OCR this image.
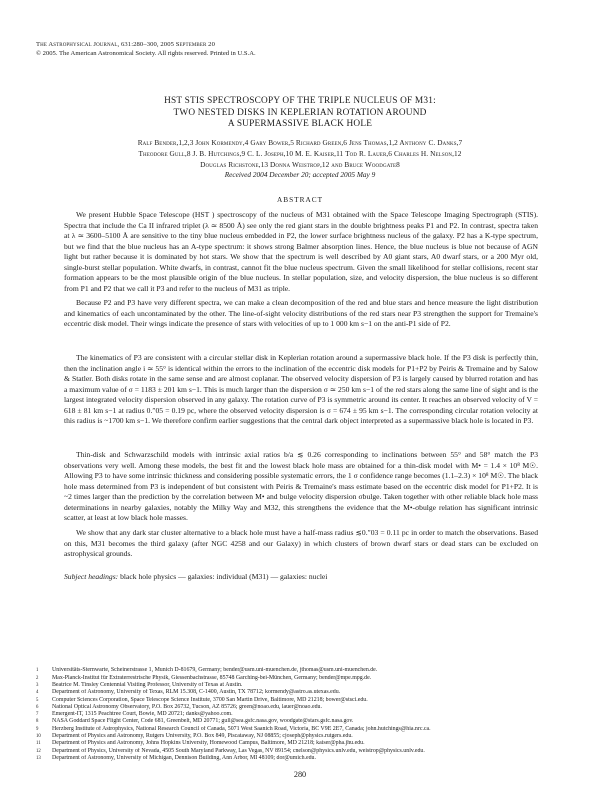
The Astrophysical Journal, 631:280–300, 2005 September 20
© 2005. The American Astronomical Society. All rights reserved. Printed in U.S.A.
HST STIS SPECTROSCOPY OF THE TRIPLE NUCLEUS OF M31:
TWO NESTED DISKS IN KEPLERIAN ROTATION AROUND
A SUPERMASSIVE BLACK HOLE
Ralf Bender,1,2,3 John Kormendy,4 Gary Bower,5 Richard Green,6 Jens Thomas,1,2 Anthony C. Danks,7
Theodore Gull,8 J. B. Hutchings,9 C. L. Joseph,10 M. E. Kaiser,11 Tod R. Lauer,6 Charles H. Nelson,12
Douglas Richstone,13 Donna Weistrop,12 and Bruce Woodgate8
Received 2004 December 20; accepted 2005 May 9
ABSTRACT

We present Hubble Space Telescope (HST ) spectroscopy of the nucleus of M31 obtained with the Space Telescope Imaging Spectrograph (STIS). Spectra that include the Ca II infrared triplet (λ ≃ 8500 Å) see only the red giant stars in the double brightness peaks P1 and P2. In contrast, spectra taken at λ ≃ 3600–5100 Å are sensitive to the tiny blue nucleus embedded in P2, the lower surface brightness nucleus of the galaxy. P2 has a K-type spectrum, but we find that the blue nucleus has an A-type spectrum: it shows strong Balmer absorption lines. Hence, the blue nucleus is blue not because of AGN light but rather because it is dominated by hot stars. We show that the spectrum is well described by A0 giant stars, A0 dwarf stars, or a 200 Myr old, single-burst stellar population. White dwarfs, in contrast, cannot fit the blue nucleus spectrum. Given the small likelihood for stellar collisions, recent star formation appears to be the most plausible origin of the blue nucleus. In stellar population, size, and velocity dispersion, the blue nucleus is so different from P1 and P2 that we call it P3 and refer to the nucleus of M31 as triple.

Because P2 and P3 have very different spectra, we can make a clean decomposition of the red and blue stars and hence measure the light distribution and kinematics of each uncontaminated by the other. The line-of-sight velocity distributions of the red stars near P3 strengthen the support for Tremaine's eccentric disk model. Their wings indicate the presence of stars with velocities of up to 1 000 km s−1 on the anti-P1 side of P2.

The kinematics of P3 are consistent with a circular stellar disk in Keplerian rotation around a supermassive black hole. If the P3 disk is perfectly thin, then the inclination angle i ≃ 55° is identical within the errors to the inclination of the eccentric disk models for P1+P2 by Peiris & Tremaine and by Salow & Statler. Both disks rotate in the same sense and are almost coplanar. The observed velocity dispersion of P3 is largely caused by blurred rotation and has a maximum value of σ = 1183 ± 201 km s−1. This is much larger than the dispersion σ ≃ 250 km s−1 of the red stars along the same line of sight and is the largest integrated velocity dispersion observed in any galaxy. The rotation curve of P3 is symmetric around its center. It reaches an observed velocity of V = 618 ± 81 km s−1 at radius 0.″05 = 0.19 pc, where the observed velocity dispersion is σ = 674 ± 95 km s−1. The corresponding circular rotation velocity at this radius is ~1700 km s−1. We therefore confirm earlier suggestions that the central dark object interpreted as a supermassive black hole is located in P3.

Thin-disk and Schwarzschild models with intrinsic axial ratios b/a ≲ 0.26 corresponding to inclinations between 55° and 58° match the P3 observations very well. Among these models, the best fit and the lowest black hole mass are obtained for a thin-disk model with M• = 1.4 × 10⁸ M☉. Allowing P3 to have some intrinsic thickness and considering possible systematic errors, the 1 σ confidence range becomes (1.1–2.3) × 10⁸ M☉. The black hole mass determined from P3 is independent of but consistent with Peiris & Tremaine's mass estimate based on the eccentric disk model for P1+P2. It is ~2 times larger than the prediction by the correlation between M• and bulge velocity dispersion σbulge. Taken together with other reliable black hole mass determinations in nearby galaxies, notably the Milky Way and M32, this strengthens the evidence that the M•-σbulge relation has significant intrinsic scatter, at least at low black hole masses.

We show that any dark star cluster alternative to a black hole must have a half-mass radius ≲0.″03 = 0.11 pc in order to match the observations. Based on this, M31 becomes the third galaxy (after NGC 4258 and our Galaxy) in which clusters of brown dwarf stars or dead stars can be excluded on astrophysical grounds.

Subject headings: black hole physics — galaxies: individual (M31) — galaxies: nuclei
1 Universitäts-Sternwarte, Scheinerstrasse 1, Munich D-81679, Germany; bender@usm.uni-muenchen.de, jthomas@usm.uni-muenchen.de.
2 Max-Planck-Institut für Extraterrestrische Physik, Giessenbachstrasse, 85748 Garching-bei-München, Germany; bender@mpe.mpg.de.
3 Beatrice M. Tinsley Centennial Visiting Professor, University of Texas at Austin.
4 Department of Astronomy, University of Texas, RLM 15.308, C-1400, Austin, TX 78712; kormendy@astro.as.utexas.edu.
5 Computer Sciences Corporation, Space Telescope Science Institute, 3700 San Martin Drive, Baltimore, MD 21218; bower@stsci.edu.
6 National Optical Astronomy Observatory, P.O. Box 26732, Tucson, AZ 85726; green@noao.edu, lauer@noao.edu.
7 Emergent-IT, 1315 Peachtree Court, Bowie, MD 20721; danks@yahoo.com.
8 NASA Goddard Space Flight Center, Code 681, Greenbelt, MD 20771; gull@sea.gsfc.nasa.gov, woodgate@stars.gsfc.nasa.gov.
9 Herzberg Institute of Astrophysics, National Research Council of Canada, 5071 West Saanich Road, Victoria, BC V9E 2E7, Canada; john.hutchings@hia.nrc.ca.
10 Department of Physics and Astronomy, Rutgers University, P.O. Box 849, Piscataway, NJ 08855; cjoseph@physics.rutgers.edu.
11 Department of Physics and Astronomy, Johns Hopkins University, Homewood Campus, Baltimore, MD 21218; kaiser@pha.jhu.edu.
12 Department of Physics, University of Nevada, 4505 South Maryland Parkway, Las Vegas, NV 89154; cnelson@physics.unlv.edu, weistrop@physics.unlv.edu.
13 Department of Astronomy, University of Michigan, Dennison Building, Ann Arbor, MI 48109; dor@umich.edu.
280
